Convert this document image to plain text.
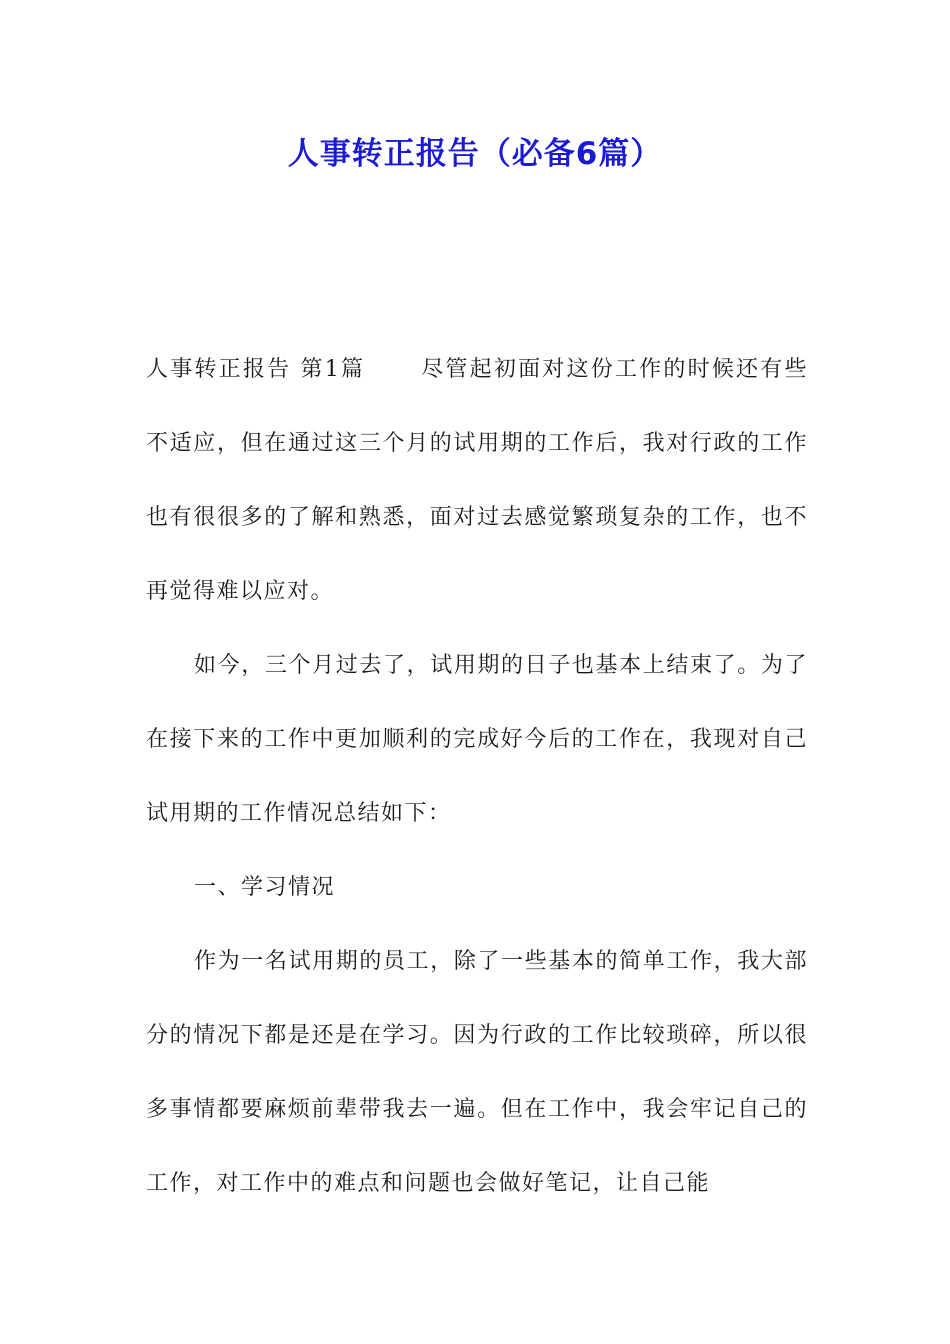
人事转正报告（必备6篇）

人事转正报告 第1篇	尽管起初面对这份工作的时候还有些不适应，但在通过这三个月的试用期的工作后，我对行政的工作也有很很多的了解和熟悉，面对过去感觉繁琐复杂的工作，也不再觉得难以应对。

如今，三个月过去了，试用期的日子也基本上结束了。为了在接下来的工作中更加顺利的完成好今后的工作在，我现对自己试用期的工作情况总结如下：

一、学习情况

作为一名试用期的员工，除了一些基本的简单工作，我大部分的情况下都是还是在学习。因为行政的工作比较琐碎，所以很多事情都要麻烦前辈带我去一遍。但在工作中，我会牢记自己的工作，对工作中的难点和问题也会做好笔记，让自己能
